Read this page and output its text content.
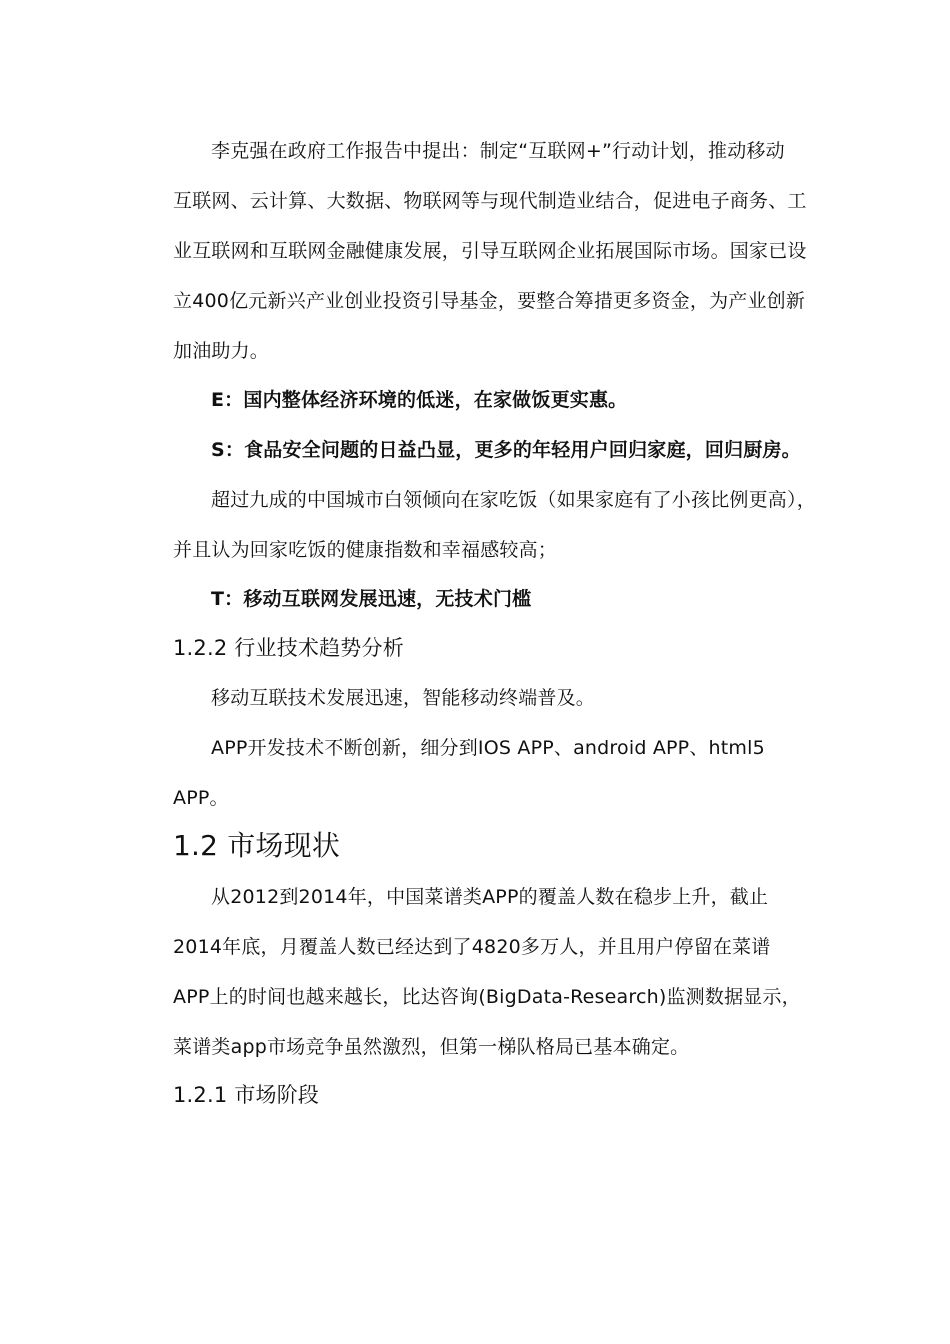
李克强在政府工作报告中提出：制定“互联网+”行动计划，推动移动
互联网、云计算、大数据、物联网等与现代制造业结合，促进电子商务、工
业互联网和互联网金融健康发展，引导互联网企业拓展国际市场。国家已设
立400亿元新兴产业创业投资引导基金，要整合筹措更多资金，为产业创新
加油助力。
E：国内整体经济环境的低迷，在家做饭更实惠。
S：食品安全问题的日益凸显，更多的年轻用户回归家庭，回归厨房。
超过九成的中国城市白领倾向在家吃饭（如果家庭有了小孩比例更高），
并且认为回家吃饭的健康指数和幸福感较高；
T：移动互联网发展迅速，无技术门槛
1.2.2 行业技术趋势分析
移动互联技术发展迅速，智能移动终端普及。
APP开发技术不断创新，细分到IOS APP、android APP、html5
APP。
1.2 市场现状
从2012到2014年，中国菜谱类APP的覆盖人数在稳步上升，截止
2014年底，月覆盖人数已经达到了4820多万人，并且用户停留在菜谱
APP上的时间也越来越长，比达咨询(BigData-Research)监测数据显示，
菜谱类app市场竞争虽然激烈，但第一梯队格局已基本确定。
1.2.1 市场阶段
